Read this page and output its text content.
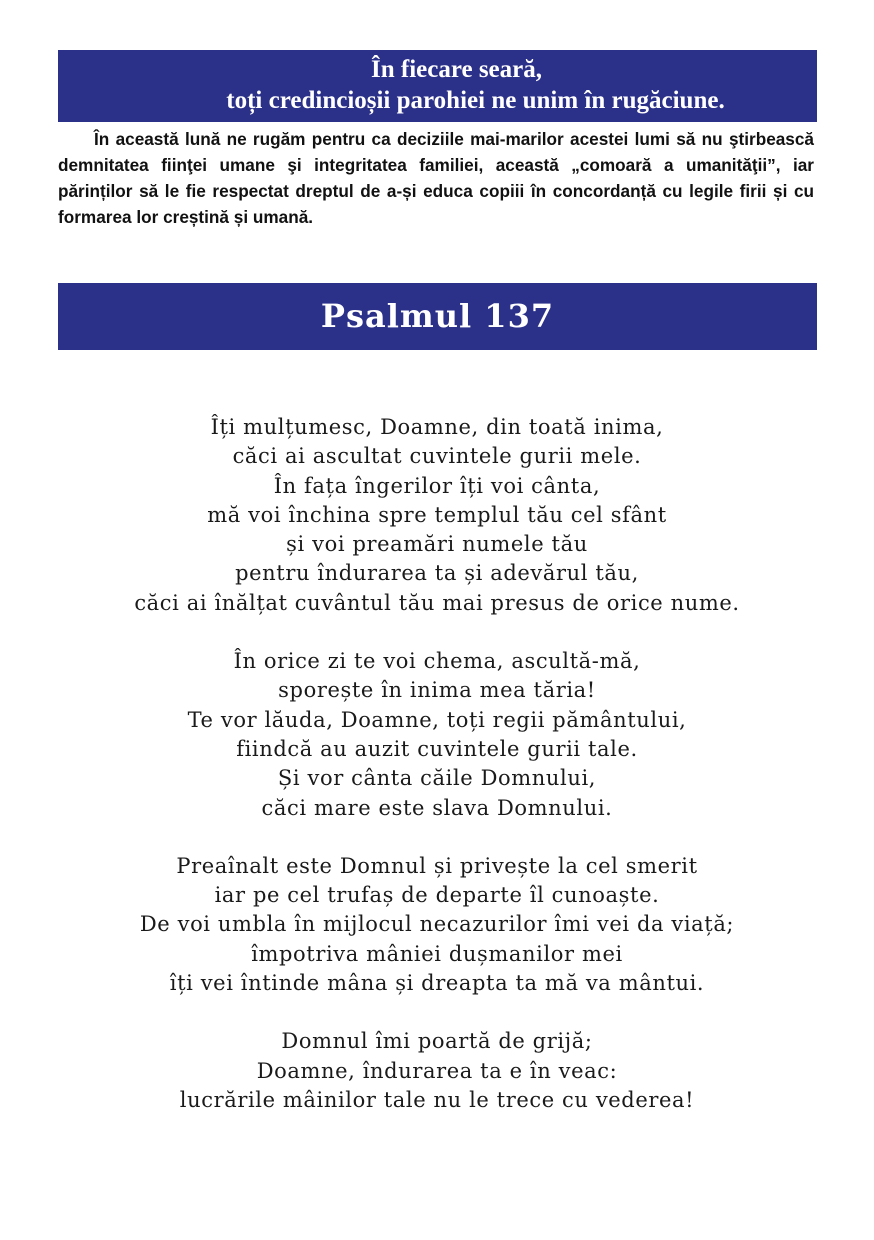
În fiecare seară,
toți credincioșii parohiei ne unim în rugăciune.

În această lună ne rugăm pentru ca deciziile mai-marilor acestei lumi să nu ştirbească demnitatea fiinţei umane şi integritatea familiei, această „comoară a umanităţii”, iar părinților să le fie respectat dreptul de a-și educa copiii în concordanță cu legile firii și cu formarea lor creștină și umană.

Psalmul 137
Îți mulțumesc, Doamne, din toată inima,
căci ai ascultat cuvintele gurii mele.
În fața îngerilor îți voi cânta,
mă voi închina spre templul tău cel sfânt
și voi preamări numele tău
pentru îndurarea ta și adevărul tău,
căci ai înălțat cuvântul tău mai presus de orice nume.
În orice zi te voi chema, ascultă-mă,
sporește în inima mea tăria!
Te vor lăuda, Doamne, toți regii pământului,
fiindcă au auzit cuvintele gurii tale.
Și vor cânta căile Domnului,
căci mare este slava Domnului.
Preaînalt este Domnul și privește la cel smerit
iar pe cel trufaș de departe îl cunoaște.
De voi umbla în mijlocul necazurilor îmi vei da viață;
împotriva mâniei dușmanilor mei
îți vei întinde mâna și dreapta ta mă va mântui.
Domnul îmi poartă de grijă;
Doamne, îndurarea ta e în veac:
lucrările mâinilor tale nu le trece cu vederea!
